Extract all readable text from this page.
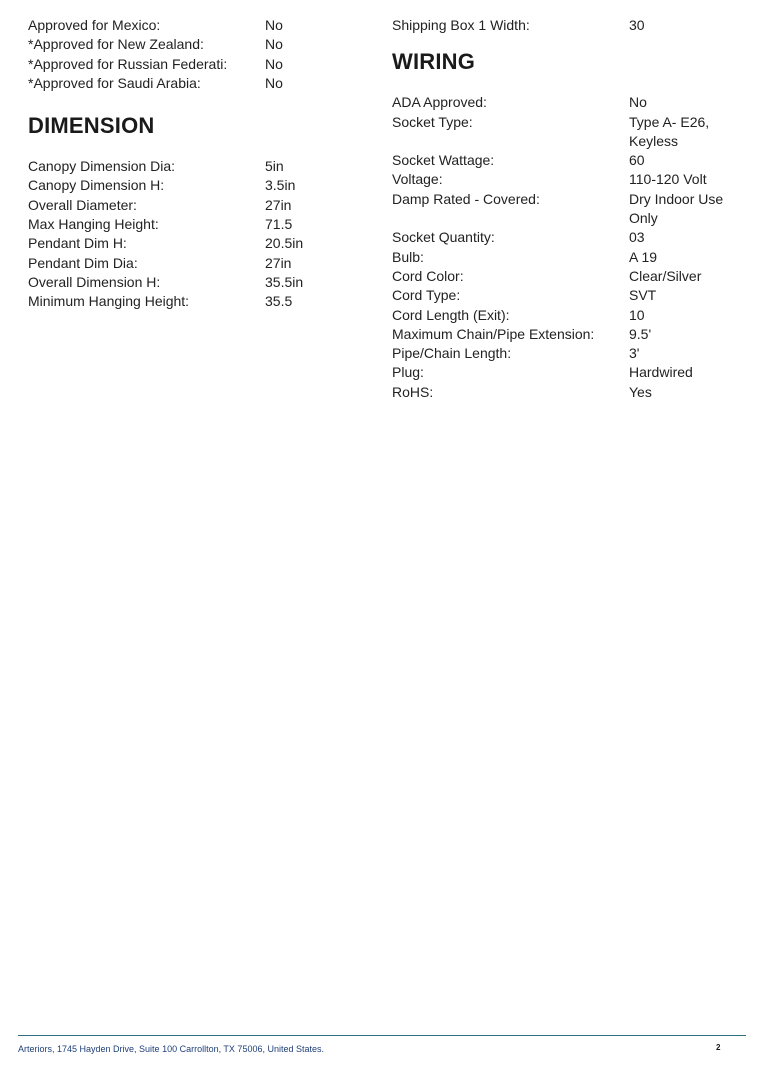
Approved for Mexico:	No
*Approved for New Zealand:	No
*Approved for Russian Federati:	No
*Approved for Saudi Arabia:	No
DIMENSION
Canopy Dimension Dia:	5in
Canopy Dimension H:	3.5in
Overall Diameter:	27in
Max Hanging Height:	71.5
Pendant Dim H:	20.5in
Pendant Dim Dia:	27in
Overall Dimension H:	35.5in
Minimum Hanging Height:	35.5
Shipping Box 1 Width:	30
WIRING
ADA Approved:	No
Socket Type:	Type A- E26, Keyless
Socket Wattage:	60
Voltage:	110-120 Volt
Damp Rated - Covered:	Dry Indoor Use Only
Socket Quantity:	03
Bulb:	A 19
Cord Color:	Clear/Silver
Cord Type:	SVT
Cord Length (Exit):	10
Maximum Chain/Pipe Extension:	9.5'
Pipe/Chain Length:	3'
Plug:	Hardwired
RoHS:	Yes
Arteriors, 1745 Hayden Drive, Suite 100 Carrollton, TX 75006, United States.	2
